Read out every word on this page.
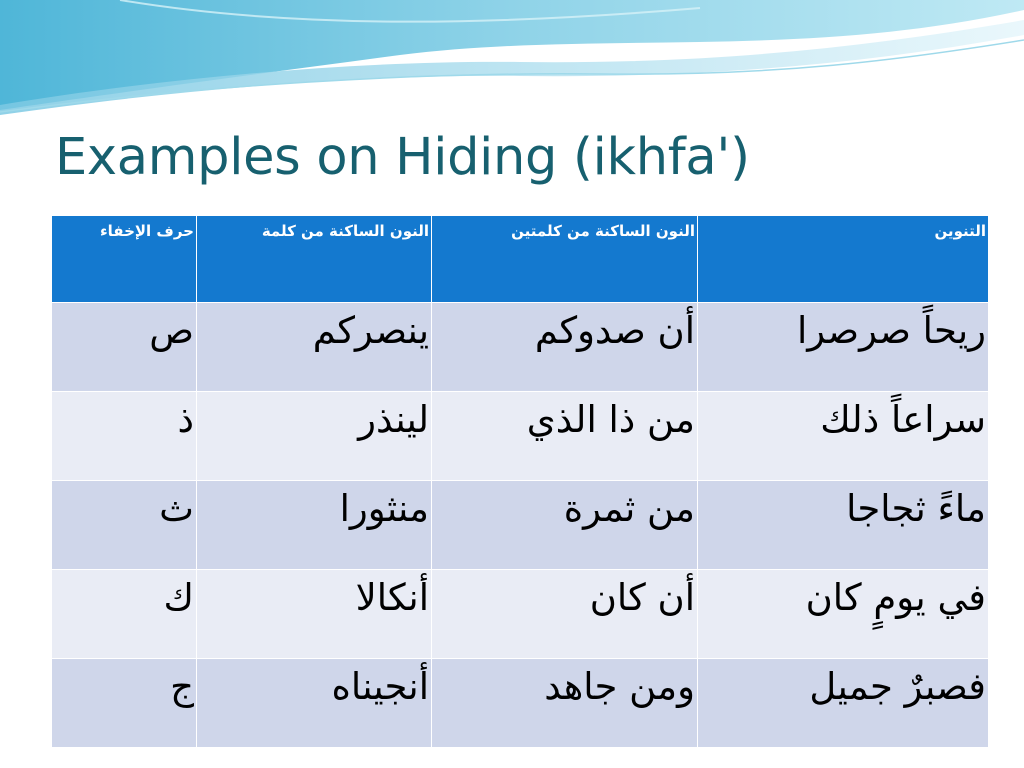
Examples on Hiding (ikhfa')
حرف الإخفاء	النون الساكنة من كلمة	النون الساكنة من كلمتين	التنوين
ص	ينصركم	أن صدوكم	ريحاً صرصرا
ذ	لينذر	من ذا الذي	سراعاً ذلك
ث	منثورا	من ثمرة	ماءً ثجاجا
ك	أنكالا	أن كان	في يومٍ كان
ج	أنجيناه	ومن جاهد	فصبرٌ جميل
